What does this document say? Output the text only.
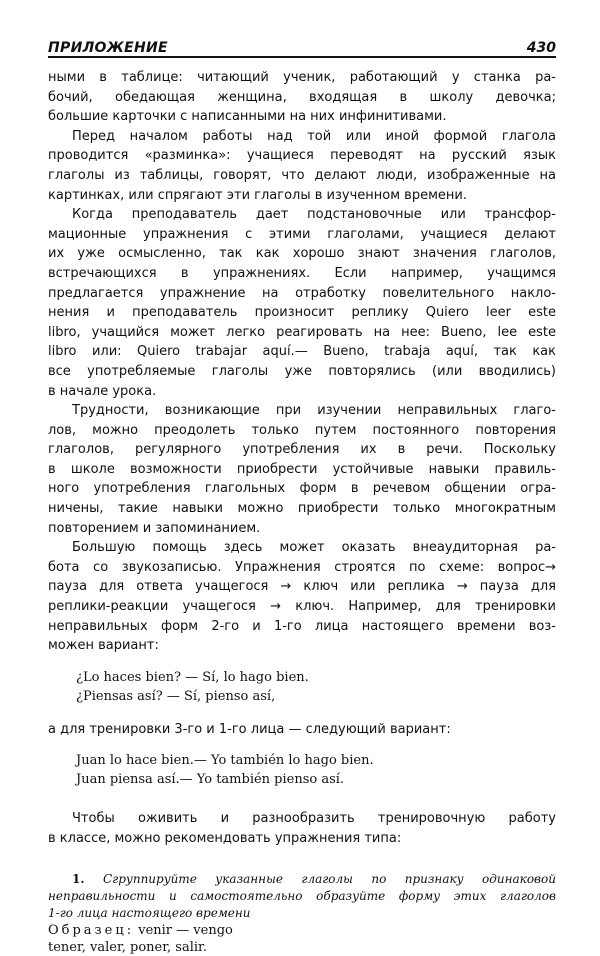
ПРИЛОЖЕНИЕ	430
ными в таблице: читающий ученик, работающий у станка ра-
бочий, обедающая женщина, входящая в школу девочка;
большие карточки с написанными на них инфинитивами.
Перед началом работы над той или иной формой глагола
проводится «разминка»: учащиеся переводят на русский язык
глаголы из таблицы, говорят, что делают люди, изображенные на
картинках, или спрягают эти глаголы в изученном времени.
Когда преподаватель дает подстановочные или трансфор-
мационные упражнения с этими глаголами, учащиеся делают
их уже осмысленно, так как хорошо знают значения глаголов,
встречающихся в упражнениях. Если например, учащимся
предлагается упражнение на отработку повелительного накло-
нения и преподаватель произносит реплику Quiero leer este
libro, учащийся может легко реагировать на нее: Bueno, lee este
libro или: Quiero trabajar aquí.— Bueno, trabaja aquí, так как
все употребляемые глаголы уже повторялись (или вводились)
в начале урока.
Трудности, возникающие при изучении неправильных глаго-
лов, можно преодолеть только путем постоянного повторения
глаголов, регулярного употребления их в речи. Поскольку
в школе возможности приобрести устойчивые навыки правиль-
ного употребления глагольных форм в речевом общении огра-
ничены, такие навыки можно приобрести только многократным
повторением и запоминанием.
Большую помощь здесь может оказать внеаудиторная ра-
бота со звукозаписью. Упражнения строятся по схеме: вопрос→
пауза для ответа учащегося → ключ или реплика → пауза для
реплики-реакции учащегося → ключ. Например, для тренировки
неправильных форм 2-го и 1-го лица настоящего времени воз-
можен вариант:
¿Lo haces bien? — Sí, lo hago bien.
¿Piensas así? — Sí, pienso así,
а для тренировки 3-го и 1-го лица — следующий вариант:
Juan lo hace bien.— Yo también lo hago bien.
Juan piensa así.— Yo también pienso así.
Чтобы оживить и разнообразить тренировочную работу
в классе, можно рекомендовать упражнения типа:
1. Сгруппируйте указанные глаголы по признаку одинаковой
неправильности и самостоятельно образуйте форму этих глаголов
1-го лица настоящего времени
Образец: venir — vengo
tener, valer, poner, salir.
